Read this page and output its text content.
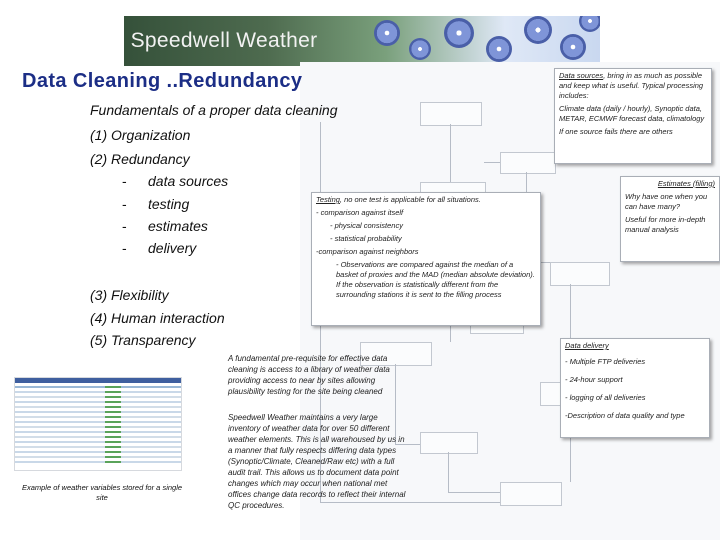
Speedwell Weather
Data Cleaning ..Redundancy
Fundamentals of a proper data cleaning
(1) Organization
(2) Redundancy
- data sources
- testing
- estimates
- delivery
(3) Flexibility
(4) Human interaction
(5) Transparency

Data sources, bring in as much as possible and keep what is useful. Typical processing includes:

Climate data (daily / hourly), Synoptic data, METAR, ECMWF forecast data, climatology

If one source fails there are others

Estimates (filling)

Why have one when you can have many?

Useful for more in-depth manual analysis

Testing, no one test is applicable for all situations.

- comparison against itself

- physical consistency

- statistical probability

-comparison against neighbors

- Observations are compared against the median of a basket of proxies and the MAD (median absolute deviation). If the observation is statistically different from the surrounding stations it is sent to the filling process

Data delivery

- Multiple FTP deliveries

- 24-hour support

- logging of all deliveries

-Description of data quality and type

Example of weather variables stored for a single site
A fundamental pre-requisite for effective data cleaning is access to a library of weather data providing access to near by sites allowing plausibility testing for the site being cleaned
Speedwell Weather maintains a very large inventory of weather data for over 50 different weather elements. This is all warehoused by us in a manner that fully respects differing data types (Synoptic/Climate, Cleaned/Raw etc) with a full audit trail. This allows us to document data point changes which may occur when national met offices change data records to reflect their internal QC procedures.
